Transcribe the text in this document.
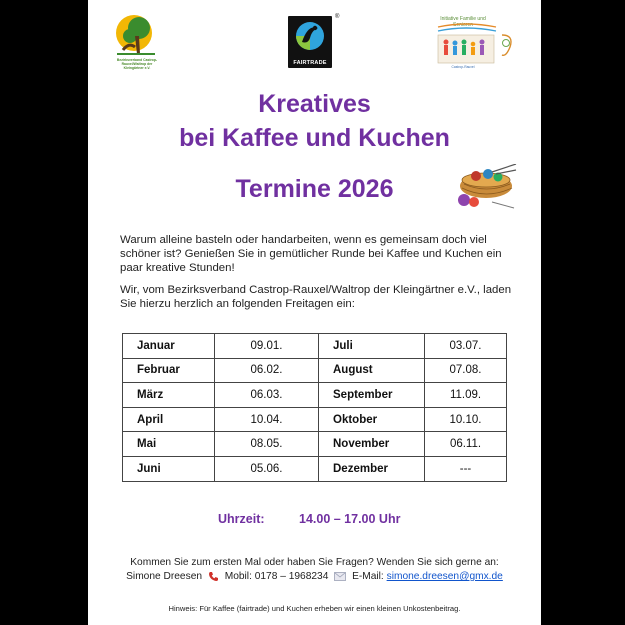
Bezirksverband Castrop-Rauxel/Waltrop der Kleingärtner e.V.
FAIRTRADE
®	Initiative Familie und Senioren
Castrop-Rauxel
Kreatives
bei Kaffee und Kuchen
Termine 2026
Warum alleine basteln oder handarbeiten, wenn es gemeinsam doch viel schöner ist? Genießen Sie in gemütlicher Runde bei Kaffee und Kuchen ein paar kreative Stunden!
Wir, vom Bezirksverband Castrop-Rauxel/Waltrop der Kleingärtner e.V., laden Sie hierzu herzlich an folgenden Freitagen ein:
Januar	09.01.	Juli	03.07.
Februar	06.02.	August	07.08.
März	06.03.	September	11.09.
April	10.04.	Oktober	10.10.
Mai	08.05.	November	06.11.
Juni	05.06.	Dezember	---
Uhrzeit:	14.00 – 17.00 Uhr
Kommen Sie zum ersten Mal oder haben Sie Fragen? Wenden Sie sich gerne an:
Simone Dreesen Mobil: 0178 – 1968234 E-Mail: simone.dreesen@gmx.de
Hinweis: Für Kaffee (fairtrade) und Kuchen erheben wir einen kleinen Unkostenbeitrag.
